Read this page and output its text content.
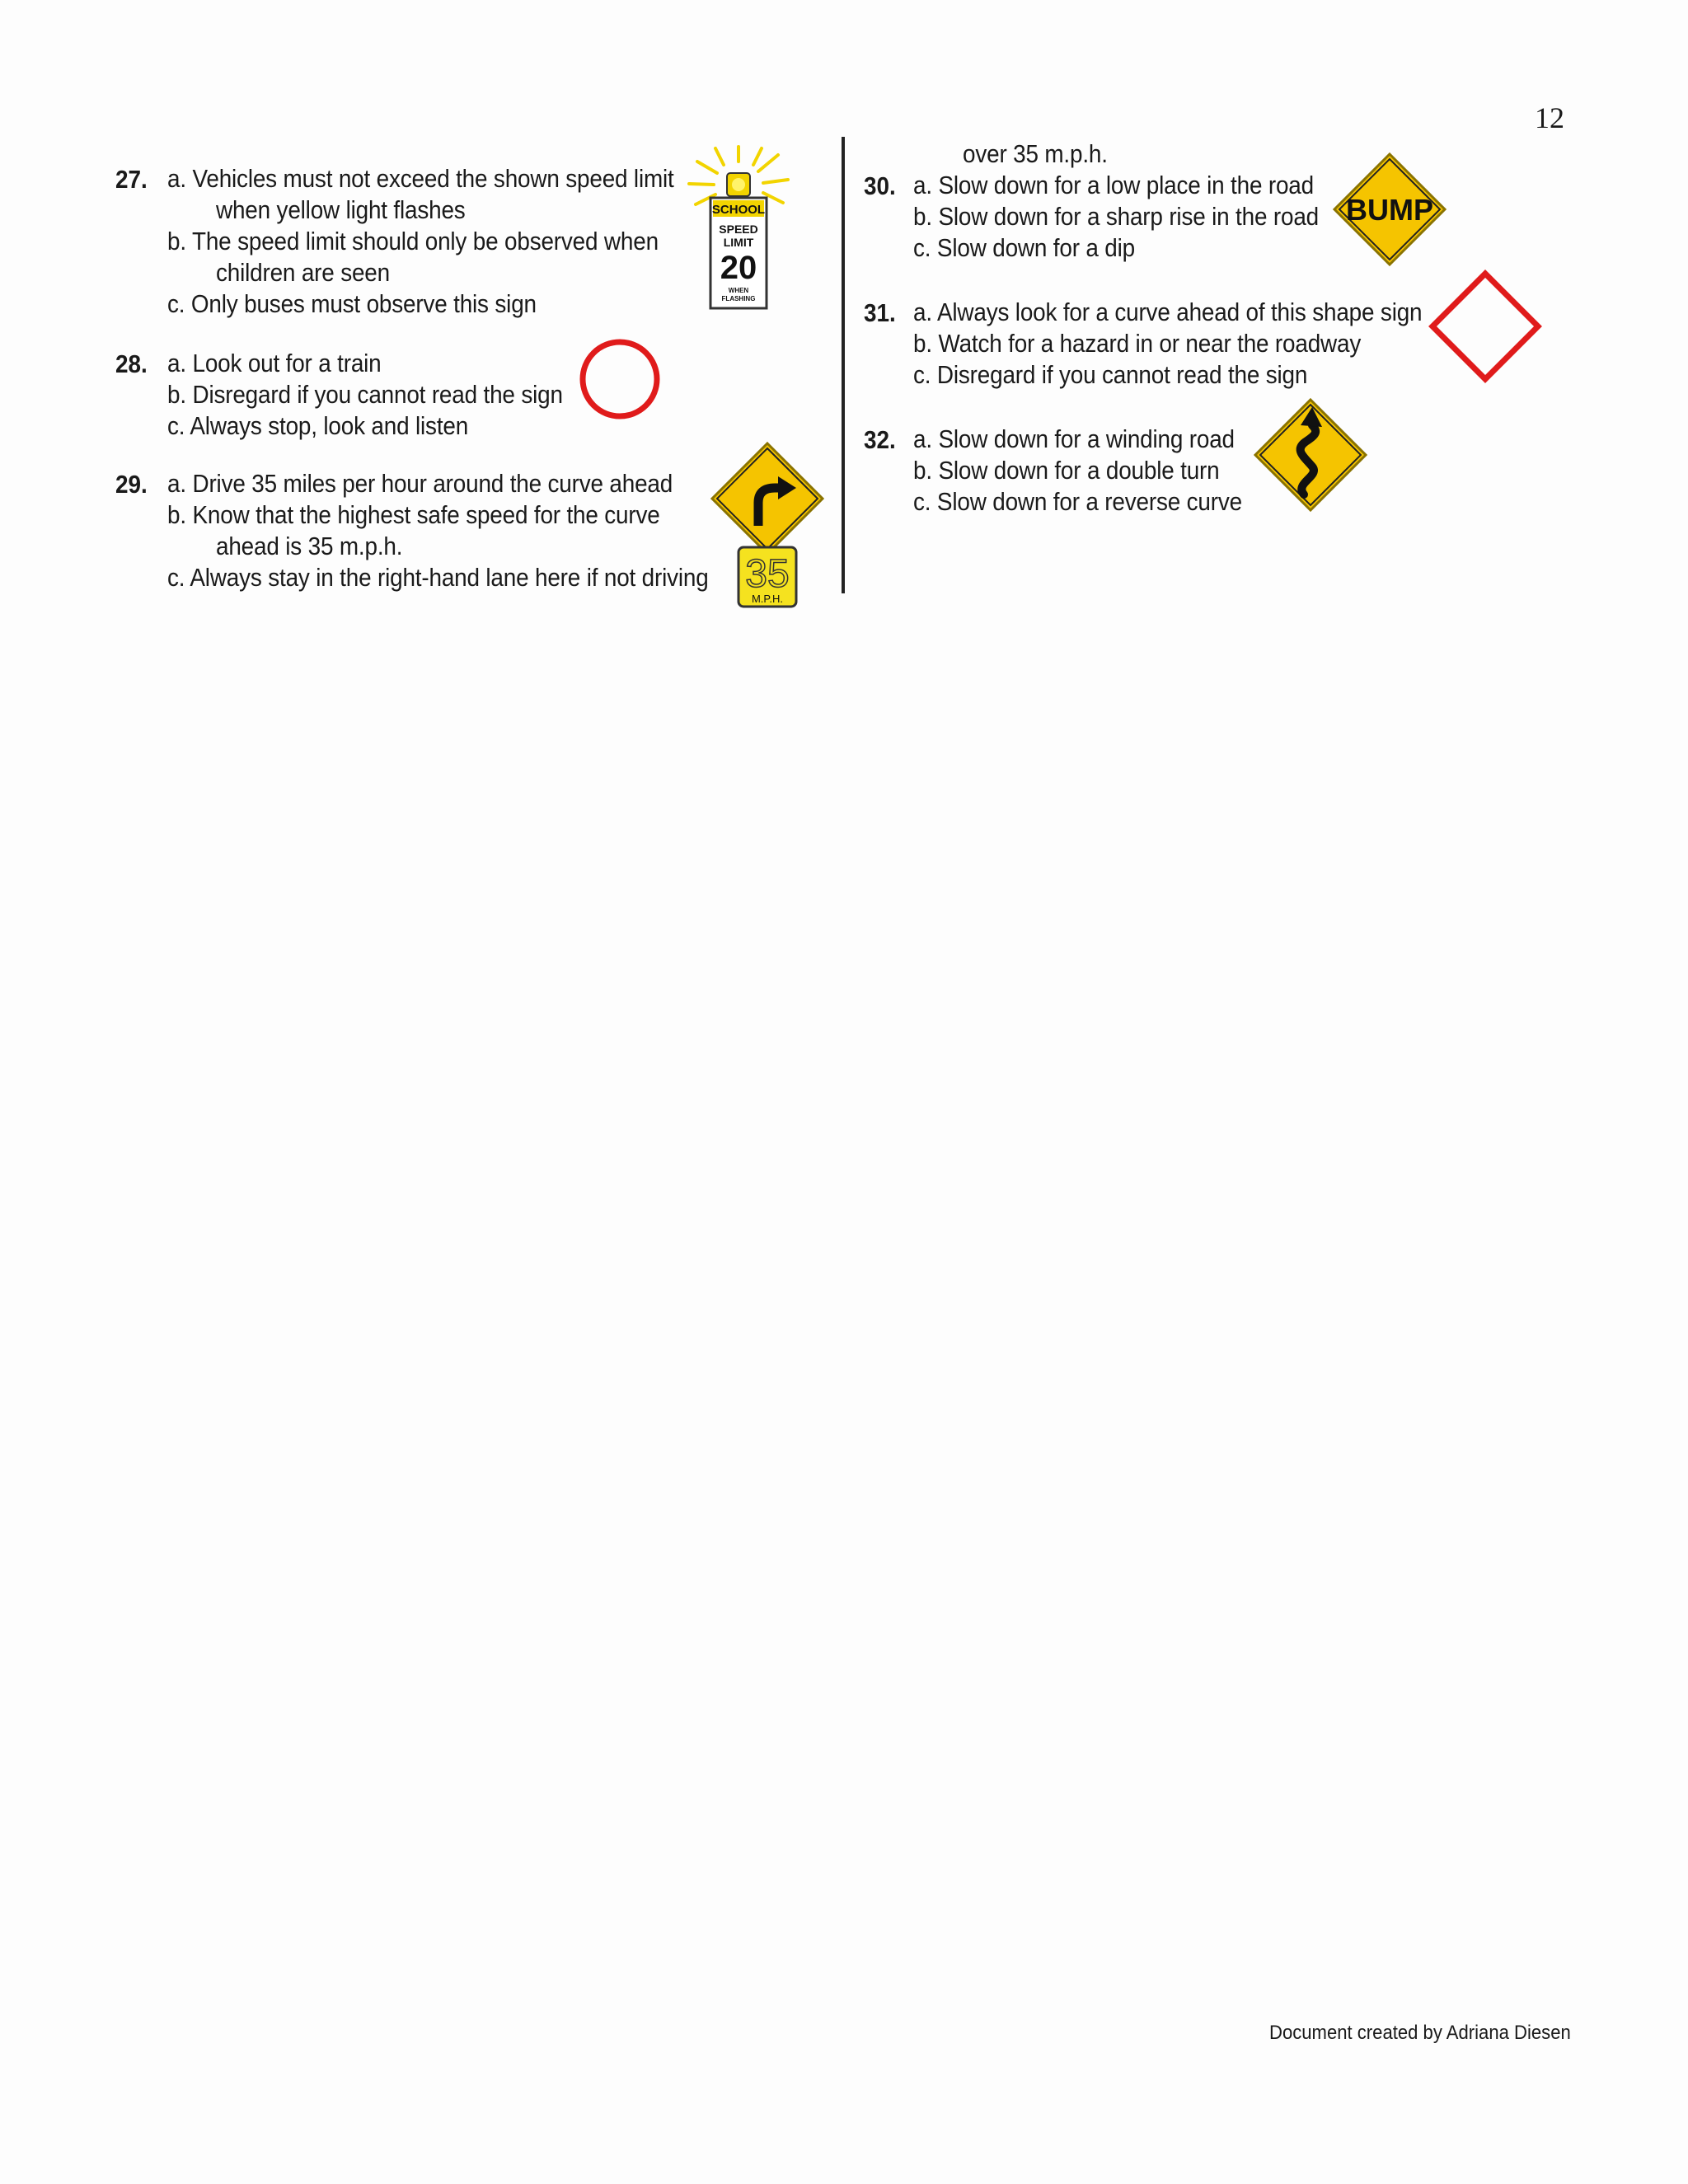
12
27. a. Vehicles must not exceed the shown speed limit
when yellow light flashes
b. The speed limit should only be observed when
children are seen
c. Only buses must observe this sign
SCHOOL
SPEED
LIMIT
20
WHEN
FLASHING
28. a. Look out for a train
b. Disregard if you cannot read the sign
c. Always stop, look and listen
29. a. Drive 35 miles per hour around the curve ahead
b. Know that the highest safe speed for the curve
ahead is 35 m.p.h.
c. Always stay in the right-hand lane here if not driving
over 35 m.p.h.
35
M.P.H.
30. a. Slow down for a low place in the road
b. Slow down for a sharp rise in the road
c. Slow down for a dip
BUMP
31. a. Always look for a curve ahead of this shape sign
b. Watch for a hazard in or near the roadway
c. Disregard if you cannot read the sign
32. a. Slow down for a winding road
b. Slow down for a double turn
c. Slow down for a reverse curve
Document created by Adriana Diesen
